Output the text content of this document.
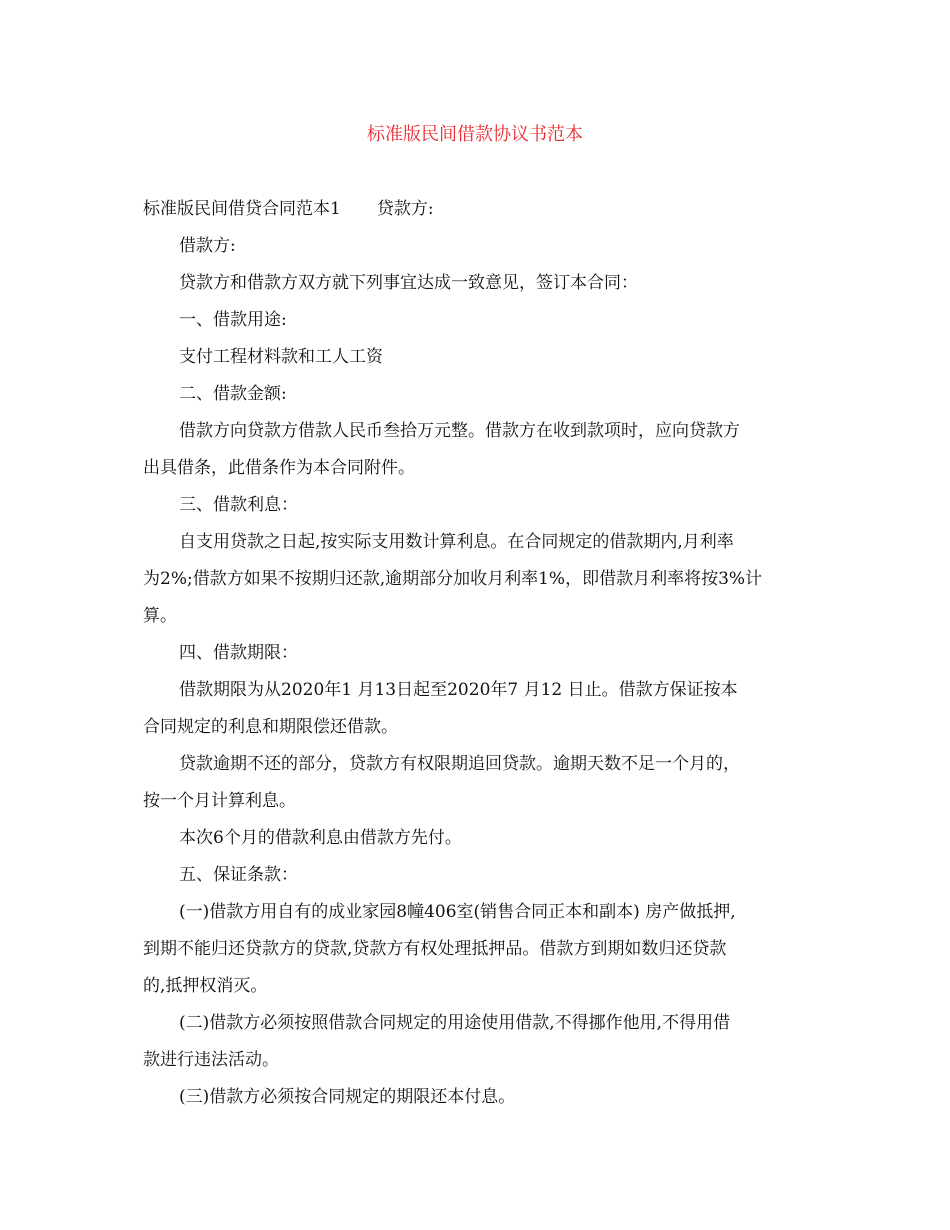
标准版民间借款协议书范本
标准版民间借贷合同范本1 贷款方:
借款方:
贷款方和借款方双方就下列事宜达成一致意见，签订本合同：
一、借款用途:
支付工程材料款和工人工资
二、借款金额:
借款方向贷款方借款人民币叁拾万元整。借款方在收到款项时，应向贷款方
出具借条，此借条作为本合同附件。
三、借款利息：
自支用贷款之日起,按实际支用数计算利息。在合同规定的借款期内,月利率
为2%;借款方如果不按期归还款,逾期部分加收月利率1%，即借款月利率将按3%计
算。
四、借款期限：
借款期限为从2020年1 月13日起至2020年7 月12 日止。借款方保证按本
合同规定的利息和期限偿还借款。
贷款逾期不还的部分，贷款方有权限期追回贷款。逾期天数不足一个月的，
按一个月计算利息。
本次6个月的借款利息由借款方先付。
五、保证条款：
(一)借款方用自有的成业家园8幢406室(销售合同正本和副本) 房产做抵押,
到期不能归还贷款方的贷款,贷款方有权处理抵押品。借款方到期如数归还贷款
的,抵押权消灭。
(二)借款方必须按照借款合同规定的用途使用借款,不得挪作他用,不得用借
款进行违法活动。
(三)借款方必须按合同规定的期限还本付息。
